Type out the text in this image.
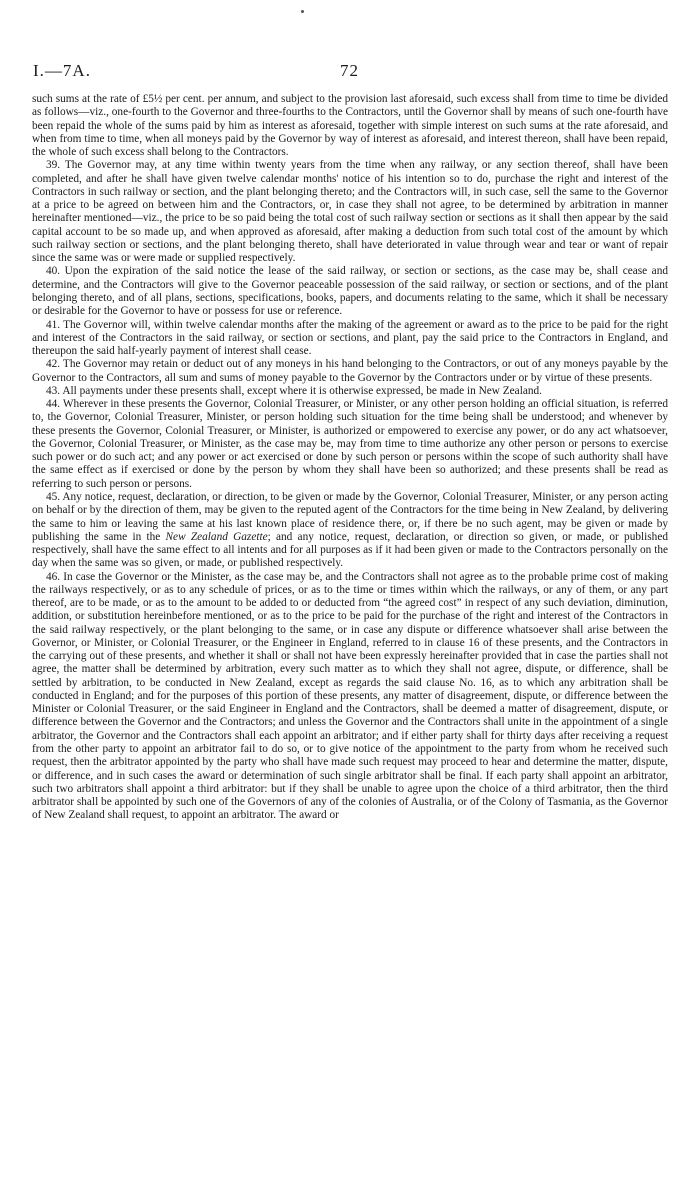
I.—7A.	72

such sums at the rate of £5½ per cent. per annum, and subject to the provision last aforesaid, such excess shall from time to time be divided as follows—viz., one-fourth to the Governor and three-fourths to the Contractors, until the Governor shall by means of such one-fourth have been repaid the whole of the sums paid by him as interest as aforesaid, together with simple interest on such sums at the rate aforesaid, and when from time to time, when all moneys paid by the Governor by way of interest as aforesaid, and interest thereon, shall have been repaid, the whole of such excess shall belong to the Contractors.

39. The Governor may, at any time within twenty years from the time when any railway, or any section thereof, shall have been completed, and after he shall have given twelve calendar months' notice of his intention so to do, purchase the right and interest of the Contractors in such railway or section, and the plant belonging thereto; and the Contractors will, in such case, sell the same to the Governor at a price to be agreed on between him and the Contractors, or, in case they shall not agree, to be determined by arbitration in manner hereinafter mentioned—viz., the price to be so paid being the total cost of such railway section or sections as it shall then appear by the said capital account to be so made up, and when approved as aforesaid, after making a deduction from such total cost of the amount by which such railway section or sections, and the plant belonging thereto, shall have deteriorated in value through wear and tear or want of repair since the same was or were made or supplied respectively.

40. Upon the expiration of the said notice the lease of the said railway, or section or sections, as the case may be, shall cease and determine, and the Contractors will give to the Governor peaceable possession of the said railway, or section or sections, and of the plant belonging thereto, and of all plans, sections, specifications, books, papers, and documents relating to the same, which it shall be necessary or desirable for the Governor to have or possess for use or reference.

41. The Governor will, within twelve calendar months after the making of the agreement or award as to the price to be paid for the right and interest of the Contractors in the said railway, or section or sections, and plant, pay the said price to the Contractors in England, and thereupon the said half-yearly payment of interest shall cease.

42. The Governor may retain or deduct out of any moneys in his hand belonging to the Contractors, or out of any moneys payable by the Governor to the Contractors, all sum and sums of money payable to the Governor by the Contractors under or by virtue of these presents.

43. All payments under these presents shall, except where it is otherwise expressed, be made in New Zealand.

44. Wherever in these presents the Governor, Colonial Treasurer, or Minister, or any other person holding an official situation, is referred to, the Governor, Colonial Treasurer, Minister, or person holding such situation for the time being shall be understood; and whenever by these presents the Governor, Colonial Treasurer, or Minister, is authorized or empowered to exercise any power, or do any act whatsoever, the Governor, Colonial Treasurer, or Minister, as the case may be, may from time to time authorize any other person or persons to exercise such power or do such act; and any power or act exercised or done by such person or persons within the scope of such authority shall have the same effect as if exercised or done by the person by whom they shall have been so authorized; and these presents shall be read as referring to such person or persons.

45. Any notice, request, declaration, or direction, to be given or made by the Governor, Colonial Treasurer, Minister, or any person acting on behalf or by the direction of them, may be given to the reputed agent of the Contractors for the time being in New Zealand, by delivering the same to him or leaving the same at his last known place of residence there, or, if there be no such agent, may be given or made by publishing the same in the New Zealand Gazette; and any notice, request, declaration, or direction so given, or made, or published respectively, shall have the same effect to all intents and for all purposes as if it had been given or made to the Contractors personally on the day when the same was so given, or made, or published respectively.

46. In case the Governor or the Minister, as the case may be, and the Contractors shall not agree as to the probable prime cost of making the railways respectively, or as to any schedule of prices, or as to the time or times within which the railways, or any of them, or any part thereof, are to be made, or as to the amount to be added to or deducted from “the agreed cost” in respect of any such deviation, diminution, addition, or substitution hereinbefore mentioned, or as to the price to be paid for the purchase of the right and interest of the Contractors in the said railway respectively, or the plant belonging to the same, or in case any dispute or difference whatsoever shall arise between the Governor, or Minister, or Colonial Treasurer, or the Engineer in England, referred to in clause 16 of these presents, and the Contractors in the carrying out of these presents, and whether it shall or shall not have been expressly hereinafter provided that in case the parties shall not agree, the matter shall be determined by arbitration, every such matter as to which they shall not agree, dispute, or difference, shall be settled by arbitration, to be conducted in New Zealand, except as regards the said clause No. 16, as to which any arbitration shall be conducted in England; and for the purposes of this portion of these presents, any matter of disagreement, dispute, or difference between the Minister or Colonial Treasurer, or the said Engineer in England and the Contractors, shall be deemed a matter of disagreement, dispute, or difference between the Governor and the Contractors; and unless the Governor and the Contractors shall unite in the appointment of a single arbitrator, the Governor and the Contractors shall each appoint an arbitrator; and if either party shall for thirty days after receiving a request from the other party to appoint an arbitrator fail to do so, or to give notice of the appointment to the party from whom he received such request, then the arbitrator appointed by the party who shall have made such request may proceed to hear and determine the matter, dispute, or difference, and in such cases the award or determination of such single arbitrator shall be final. If each party shall appoint an arbitrator, such two arbitrators shall appoint a third arbitrator: but if they shall be unable to agree upon the choice of a third arbitrator, then the third arbitrator shall be appointed by such one of the Governors of any of the colonies of Australia, or of the Colony of Tasmania, as the Governor of New Zealand shall request, to appoint an arbitrator. The award or
